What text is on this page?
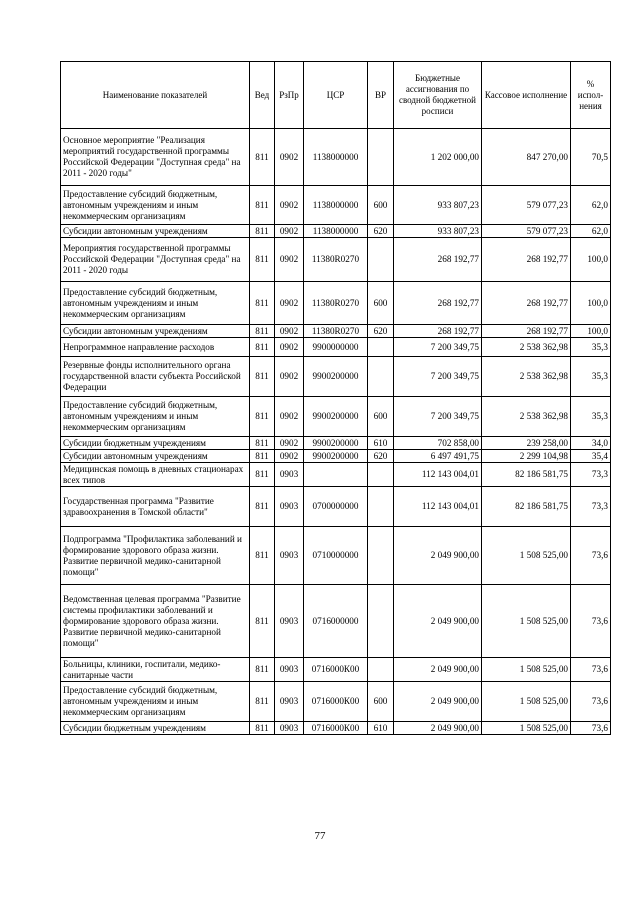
Наименование показателей	Вед	РзПр	ЦСР	ВР	Бюджетные ассигнования по сводной бюджетной росписи	Кассовое исполнение	% испол-нения
Основное мероприятие "Реализация мероприятий государственной программы Российской Федерации "Доступная среда" на 2011 - 2020 годы"	811	0902	1138000000		1 202 000,00	847 270,00	70,5
Предоставление субсидий бюджетным, автономным учреждениям и иным некоммерческим организациям	811	0902	1138000000	600	933 807,23	579 077,23	62,0
Субсидии автономным учреждениям	811	0902	1138000000	620	933 807,23	579 077,23	62,0
Мероприятия государственной программы Российской Федерации "Доступная среда" на 2011 - 2020 годы	811	0902	11380R0270		268 192,77	268 192,77	100,0
Предоставление субсидий бюджетным, автономным учреждениям и иным некоммерческим организациям	811	0902	11380R0270	600	268 192,77	268 192,77	100,0
Субсидии автономным учреждениям	811	0902	11380R0270	620	268 192,77	268 192,77	100,0
Непрограммное направление расходов	811	0902	9900000000		7 200 349,75	2 538 362,98	35,3
Резервные фонды исполнительного органа государственной власти субъекта Российской Федерации	811	0902	9900200000		7 200 349,75	2 538 362,98	35,3
Предоставление субсидий бюджетным, автономным учреждениям и иным некоммерческим организациям	811	0902	9900200000	600	7 200 349,75	2 538 362,98	35,3
Субсидии бюджетным учреждениям	811	0902	9900200000	610	702 858,00	239 258,00	34,0
Субсидии автономным учреждениям	811	0902	9900200000	620	6 497 491,75	2 299 104,98	35,4
Медицинская помощь в дневных стационарах всех типов	811	0903			112 143 004,01	82 186 581,75	73,3
Государственная программа "Развитие здравоохранения в Томской области"	811	0903	0700000000		112 143 004,01	82 186 581,75	73,3
Подпрограмма "Профилактика заболеваний и формирование здорового образа жизни. Развитие первичной медико-санитарной помощи"	811	0903	0710000000		2 049 900,00	1 508 525,00	73,6
Ведомственная целевая программа "Развитие системы профилактики заболеваний и формирование здорового образа жизни. Развитие первичной медико-санитарной помощи"	811	0903	0716000000		2 049 900,00	1 508 525,00	73,6
Больницы, клиники, госпитали, медико-санитарные части	811	0903	0716000К00		2 049 900,00	1 508 525,00	73,6
Предоставление субсидий бюджетным, автономным учреждениям и иным некоммерческим организациям	811	0903	0716000К00	600	2 049 900,00	1 508 525,00	73,6
Субсидии бюджетным учреждениям	811	0903	0716000К00	610	2 049 900,00	1 508 525,00	73,6
77
